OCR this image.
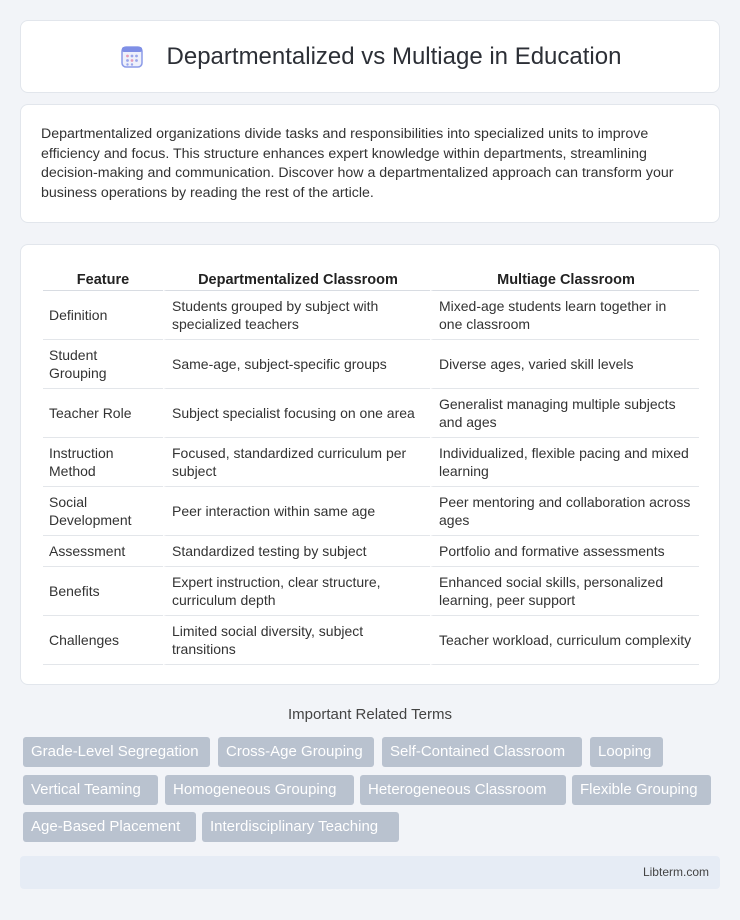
Departmentalized vs Multiage in Education

Departmentalized organizations divide tasks and responsibilities into specialized units to improve efficiency and focus. This structure enhances expert knowledge within departments, streamlining decision-making and communication. Discover how a departmentalized approach can transform your business operations by reading the rest of the article.

Feature	Departmentalized Classroom	Multiage Classroom
Definition	Students grouped by subject with specialized teachers	Mixed-age students learn together in one classroom
Student Grouping	Same-age, subject-specific groups	Diverse ages, varied skill levels
Teacher Role	Subject specialist focusing on one area	Generalist managing multiple subjects and ages
Instruction Method	Focused, standardized curriculum per subject	Individualized, flexible pacing and mixed learning
Social Development	Peer interaction within same age	Peer mentoring and collaboration across ages
Assessment	Standardized testing by subject	Portfolio and formative assessments
Benefits	Expert instruction, clear structure, curriculum depth	Enhanced social skills, personalized learning, peer support
Challenges	Limited social diversity, subject transitions	Teacher workload, curriculum complexity
Important Related Terms
Grade-Level Segregation	Cross-Age Grouping	Self-Contained Classroom	Looping
Vertical Teaming	Homogeneous Grouping	Heterogeneous Classroom	Flexible Grouping
Age-Based Placement	Interdisciplinary Teaching
Libterm.com
